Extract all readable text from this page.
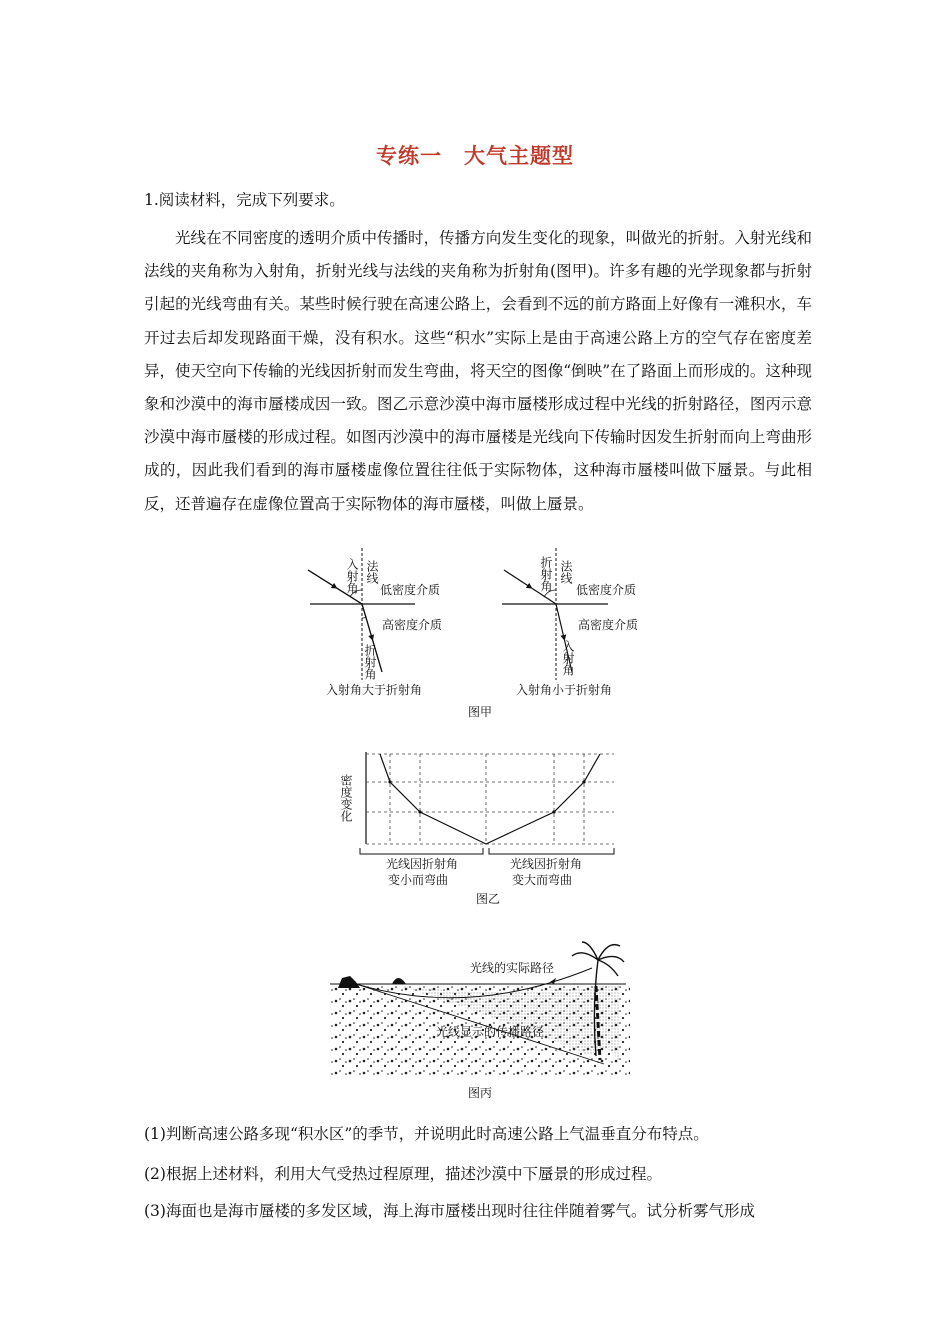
专练一　大气主题型
1.阅读材料，完成下列要求。

光线在不同密度的透明介质中传播时，传播方向发生变化的现象，叫做光的折射。入射光线和法线的夹角称为入射角，折射光线与法线的夹角称为折射角(图甲)。许多有趣的光学现象都与折射引起的光线弯曲有关。某些时候行驶在高速公路上，会看到不远的前方路面上好像有一滩积水，车开过去后却发现路面干燥，没有积水。这些“积水”实际上是由于高速公路上方的空气存在密度差异，使天空向下传输的光线因折射而发生弯曲，将天空的图像“倒映”在了路面上而形成的。这种现象和沙漠中的海市蜃楼成因一致。图乙示意沙漠中海市蜃楼形成过程中光线的折射路径，图丙示意沙漠中海市蜃楼的形成过程。如图丙沙漠中的海市蜃楼是光线向下传输时因发生折射而向上弯曲形成的，因此我们看到的海市蜃楼虚像位置往往低于实际物体，这种海市蜃楼叫做下蜃景。与此相反，还普遍存在虚像位置高于实际物体的海市蜃楼，叫做上蜃景。

法线
入射角 低密度介质
高密度介质
折射角
入射角大于折射角
法线
折射角 低密度介质
高密度介质
入射角
入射角小于折射角
图甲
密度变化
光线因折射角
变小而弯曲
光线因折射角
变大而弯曲
图乙
光线的实际路径
光线显示的传播路径
图丙
(1)判断高速公路多现“积水区”的季节，并说明此时高速公路上气温垂直分布特点。
(2)根据上述材料，利用大气受热过程原理，描述沙漠中下蜃景的形成过程。
(3)海面也是海市蜃楼的多发区域，海上海市蜃楼出现时往往伴随着雾气。试分析雾气形成
